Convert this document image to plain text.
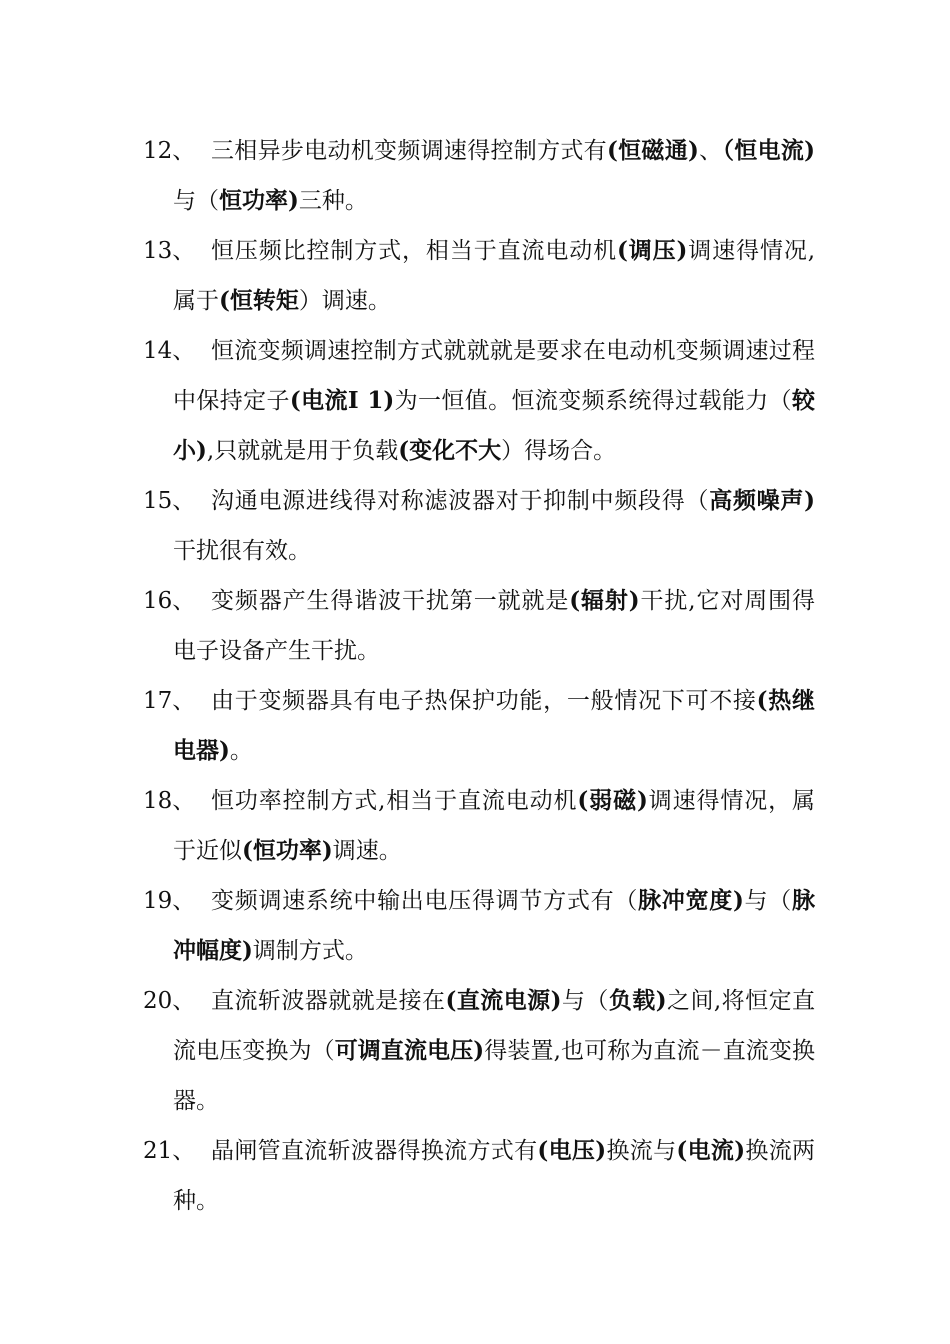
12、 三相异步电动机变频调速得控制方式有(恒磁通)、（恒电流)与（恒功率)三种。
13、 恒压频比控制方式，相当于直流电动机(调压)调速得情况,属于(恒转矩）调速。
14、 恒流变频调速控制方式就就就是要求在电动机变频调速过程中保持定子(电流Ⅰ 1)为一恒值。恒流变频系统得过载能力（较小),只就就是用于负载(变化不大）得场合。
15、 沟通电源进线得对称滤波器对于抑制中频段得（高频噪声)干扰很有效。
16、 变频器产生得谐波干扰第一就就是(辐射)干扰,它对周围得电子设备产生干扰。
17、 由于变频器具有电子热保护功能，一般情况下可不接(热继电器)。
18、 恒功率控制方式,相当于直流电动机(弱磁)调速得情况，属于近似(恒功率)调速。
19、 变频调速系统中输出电压得调节方式有（脉冲宽度)与（脉冲幅度)调制方式。
20、 直流斩波器就就是接在(直流电源)与（负载)之间,将恒定直流电压变换为（可调直流电压)得装置,也可称为直流－直流变换器。
21、 晶闸管直流斩波器得换流方式有(电压)换流与(电流)换流两种。
